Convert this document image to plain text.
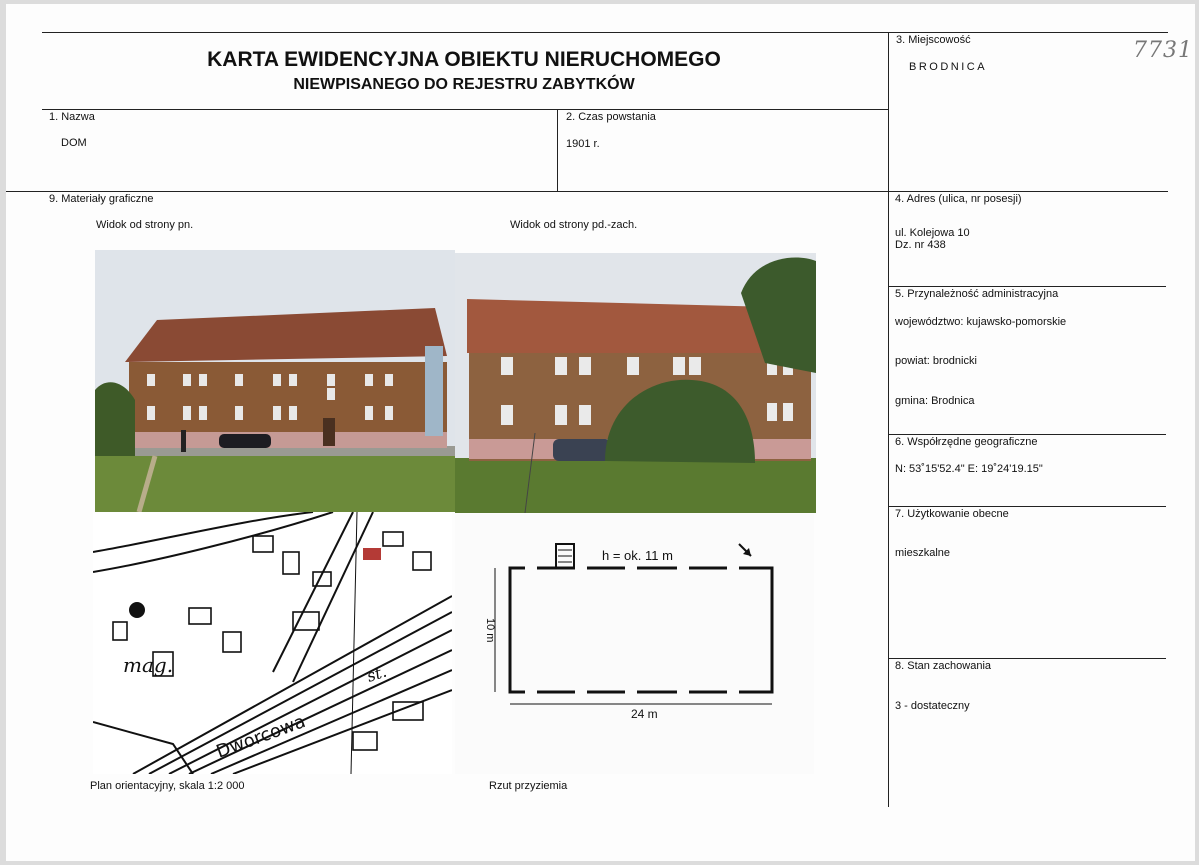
7731
KARTA EWIDENCYJNA OBIEKTU NIERUCHOMEGO
NIEWPISANEGO DO REJESTRU ZABYTKÓW
3. Miejscowość
BRODNICA
1. Nazwa
DOM
2. Czas powstania
1901 r.
9. Materiały graficzne
Widok od strony pn.	Widok od strony pd.-zach.
mag.
Dworcowa
st.
h = ok. 11 m
24 m
10 m
Plan orientacyjny, skala 1:2 000	Rzut przyziemia
4. Adres (ulica, nr posesji)
ul. Kolejowa 10
Dz. nr 438
5. Przynależność administracyjna
województwo: kujawsko-pomorskie
powiat: brodnicki
gmina: Brodnica
6. Współrzędne geograficzne
N: 53˚15'52.4" E: 19˚24'19.15"
7. Użytkowanie obecne
mieszkalne
8. Stan zachowania
3 - dostateczny
